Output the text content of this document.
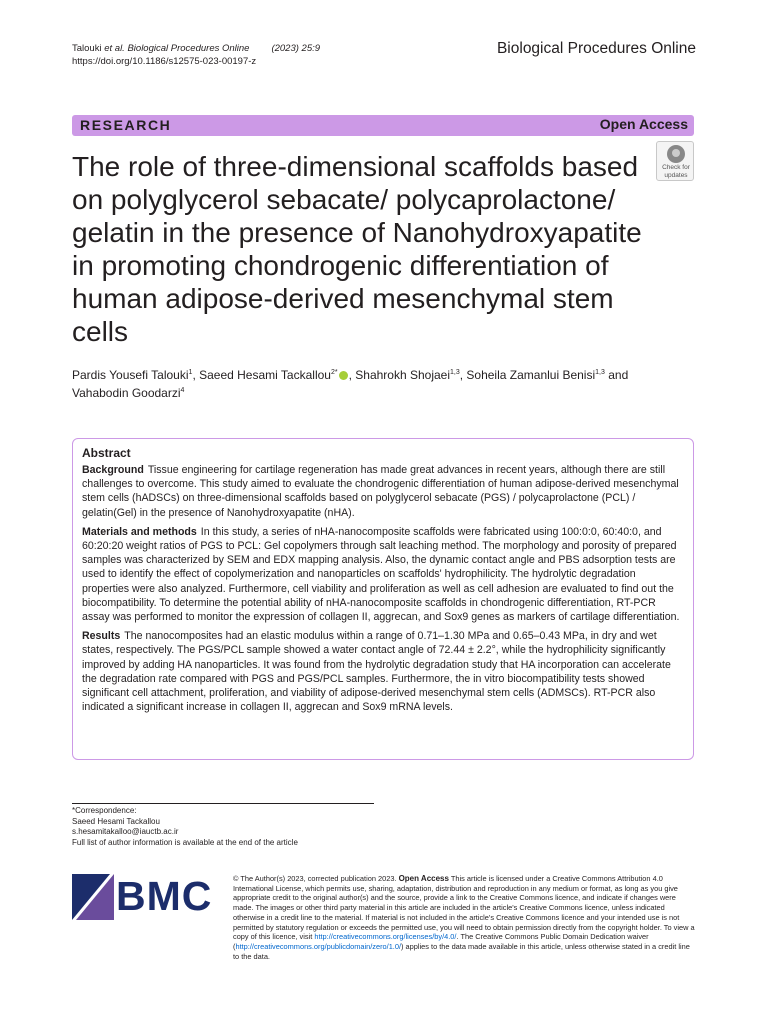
Talouki et al. Biological Procedures Online (2023) 25:9
https://doi.org/10.1186/s12575-023-00197-z
Biological Procedures Online
RESEARCH	Open Access
The role of three-dimensional scaffolds based on polyglycerol sebacate/ polycaprolactone/ gelatin in the presence of Nanohydroxyapatite in promoting chondrogenic differentiation of human adipose-derived mesenchymal stem cells
Check for
updates
Pardis Yousefi Talouki$^1$, Saeed Hesami Tackallou$^{2*}$ , Shahrokh Shojaei$^{1,3}$, Soheila Zamanlui Benisi$^{1,3}$ and
Vahabodin Goodarzi$^4$
Abstract

Background Tissue engineering for cartilage regeneration has made great advances in recent years, although there are still challenges to overcome. This study aimed to evaluate the chondrogenic differentiation of human adipose-derived mesenchymal stem cells (hADSCs) on three-dimensional scaffolds based on polyglycerol sebacate (PGS) / polycaprolactone (PCL) / gelatin(Gel) in the presence of Nanohydroxyapatite (nHA).

Materials and methods In this study, a series of nHA-nanocomposite scaffolds were fabricated using 100:0:0, 60:40:0, and 60:20:20 weight ratios of PGS to PCL: Gel copolymers through salt leaching method. The morphology and porosity of prepared samples was characterized by SEM and EDX mapping analysis. Also, the dynamic contact angle and PBS adsorption tests are used to identify the effect of copolymerization and nanoparticles on scaffolds' hydrophilicity. The hydrolytic degradation properties were also analyzed. Furthermore, cell viability and proliferation as well as cell adhesion are evaluated to find out the biocompatibility. To determine the potential ability of nHA-nanocomposite scaffolds in chondrogenic differentiation, RT-PCR assay was performed to monitor the expression of collagen II, aggrecan, and Sox9 genes as markers of cartilage differentiation.

Results The nanocomposites had an elastic modulus within a range of 0.71–1.30 MPa and 0.65–0.43 MPa, in dry and wet states, respectively. The PGS/PCL sample showed a water contact angle of 72.44 ± 2.2°, while the hydrophilicity significantly improved by adding HA nanoparticles. It was found from the hydrolytic degradation study that HA incorporation can accelerate the degradation rate compared with PGS and PGS/PCL samples. Furthermore, the in vitro biocompatibility tests showed significant cell attachment, proliferation, and viability of adipose-derived mesenchymal stem cells (ADMSCs). RT-PCR also indicated a significant increase in collagen II, aggrecan and Sox9 mRNA levels.

*Correspondence:
Saeed Hesami Tackallou
s.hesamitakalloo@iauctb.ac.ir
Full list of author information is available at the end of the article
BMC	© The Author(s) 2023, corrected publication 2023. Open Access This article is licensed under a Creative Commons Attribution 4.0 International License, which permits use, sharing, adaptation, distribution and reproduction in any medium or format, as long as you give appropriate credit to the original author(s) and the source, provide a link to the Creative Commons licence, and indicate if changes were made. The images or other third party material in this article are included in the article's Creative Commons licence, unless indicated otherwise in a credit line to the material. If material is not included in the article's Creative Commons licence and your intended use is not permitted by statutory regulation or exceeds the permitted use, you will need to obtain permission directly from the copyright holder. To view a copy of this licence, visit http://creativecommons.org/licenses/by/4.0/. The Creative Commons Public Domain Dedication waiver (http://creativecommons.org/publicdomain/zero/1.0/) applies to the data made available in this article, unless otherwise stated in a credit line to the data.
